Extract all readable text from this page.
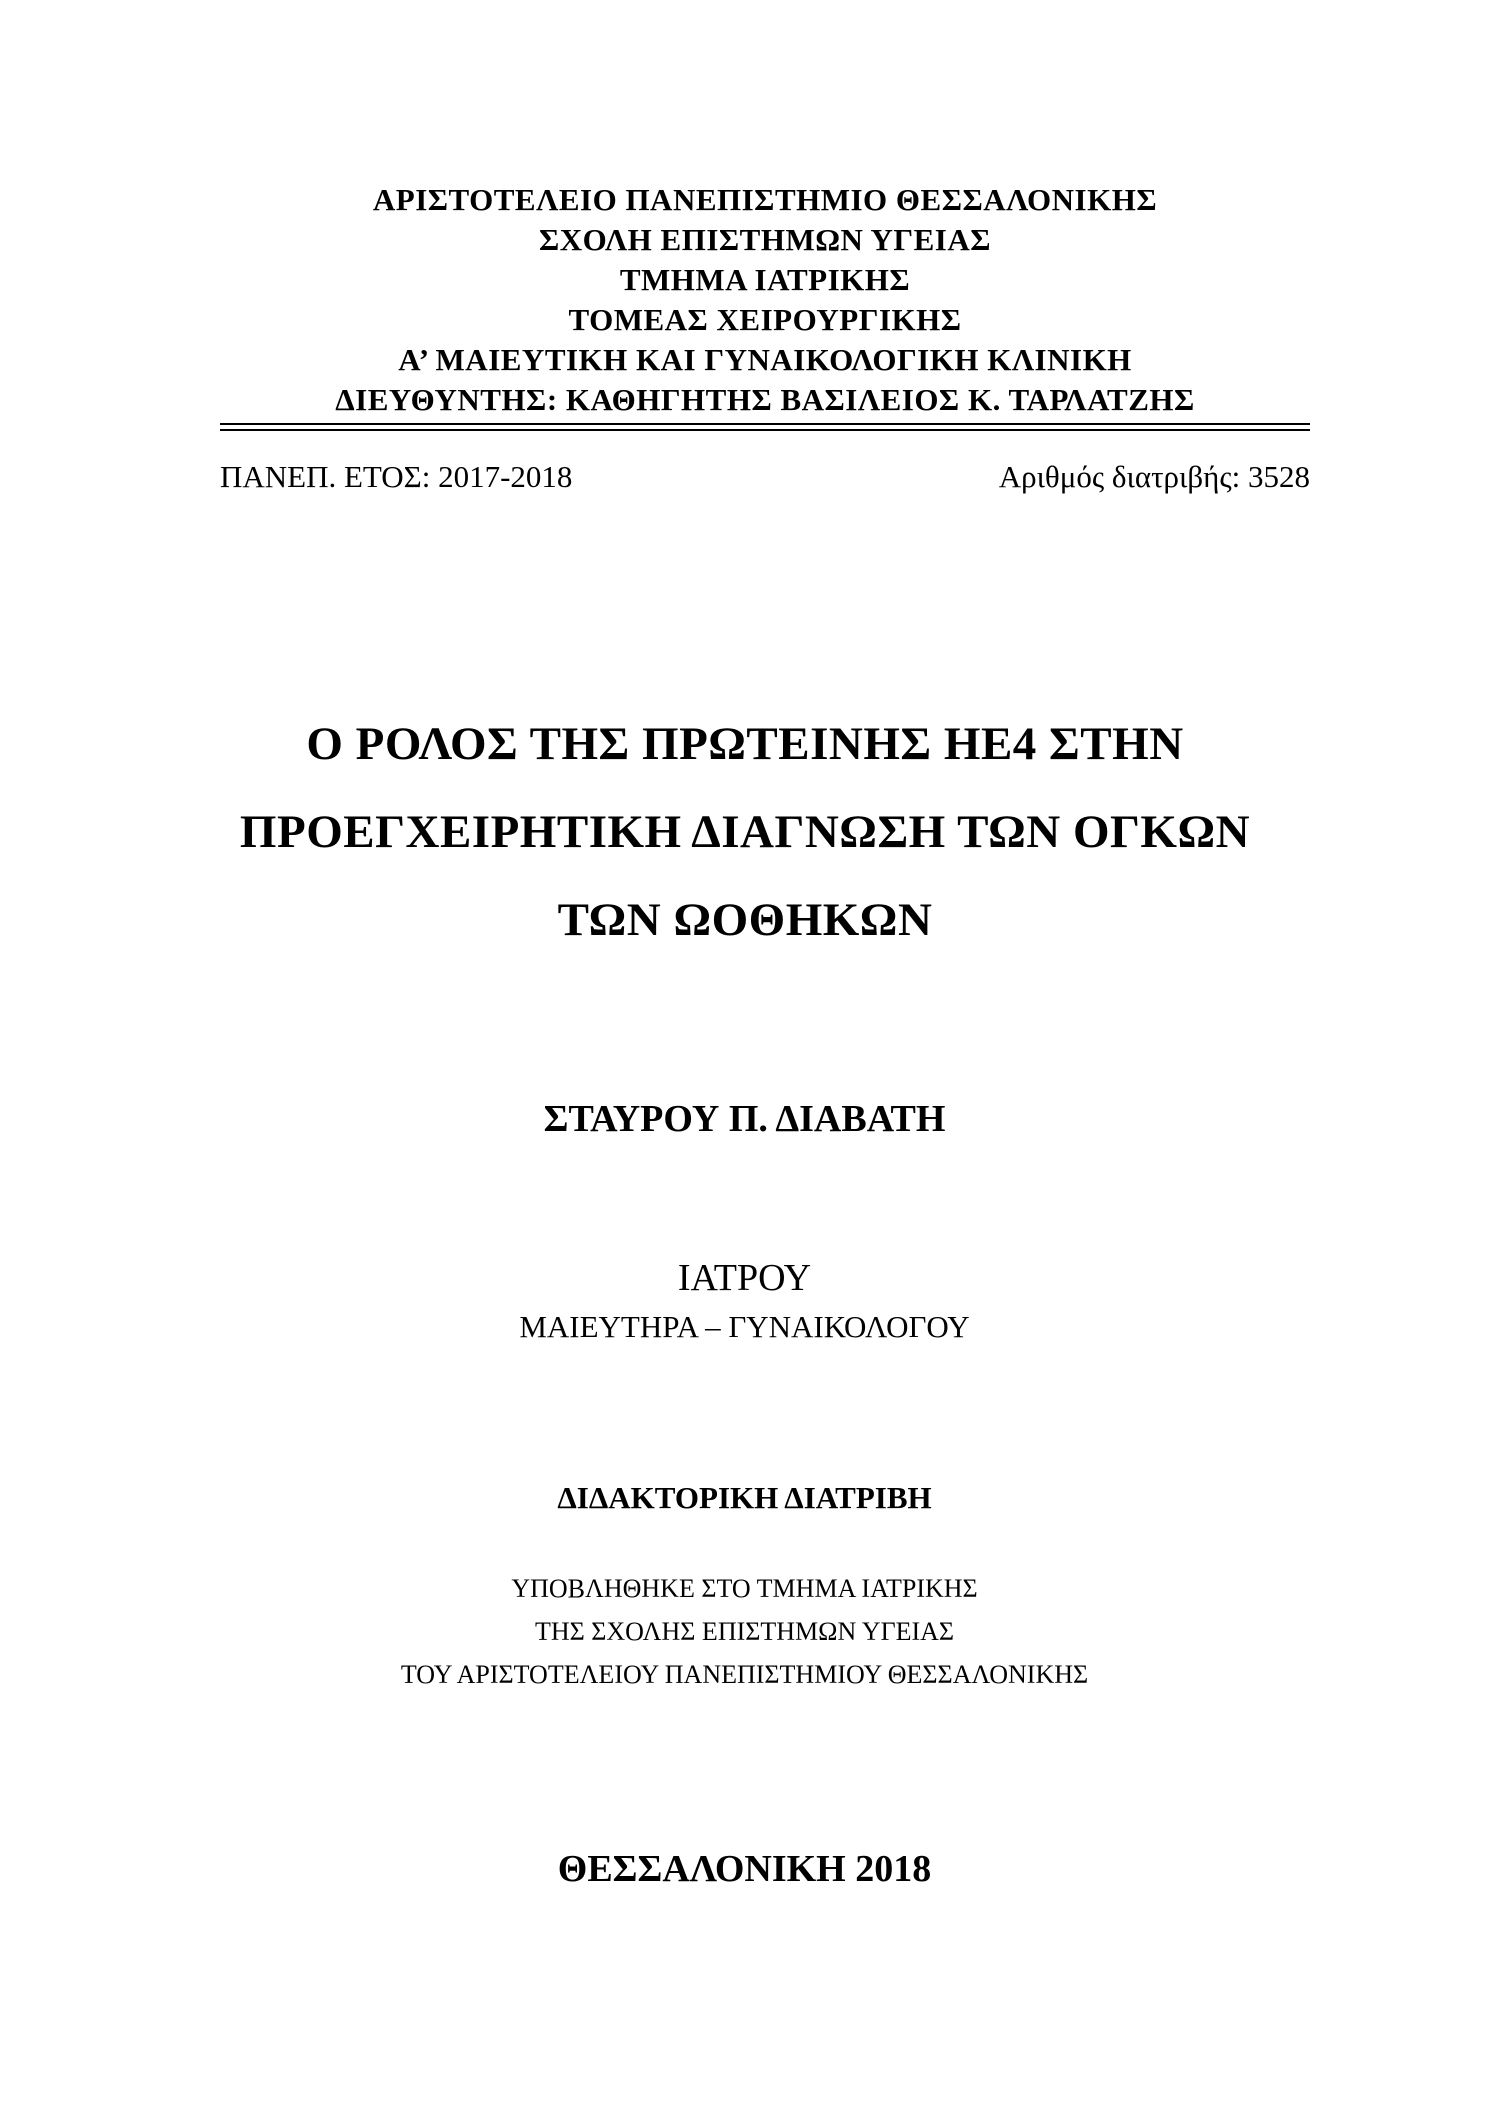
ΑΡΙΣΤΟΤΕΛΕΙΟ ΠΑΝΕΠΙΣΤΗΜΙΟ ΘΕΣΣΑΛΟΝΙΚΗΣ
ΣΧΟΛΗ ΕΠΙΣΤΗΜΩΝ ΥΓΕΙΑΣ
ΤΜΗΜΑ ΙΑΤΡΙΚΗΣ
ΤΟΜΕΑΣ ΧΕΙΡΟΥΡΓΙΚΗΣ
Α’ ΜΑΙΕΥΤΙΚΗ ΚΑΙ ΓΥΝΑΙΚΟΛΟΓΙΚΗ ΚΛΙΝΙΚΗ
ΔΙΕΥΘΥΝΤΗΣ: ΚΑΘΗΓΗΤΗΣ ΒΑΣΙΛΕΙΟΣ Κ. ΤΑΡΛΑΤΖΗΣ
ΠΑΝΕΠ. ΕΤΟΣ: 2017-2018	Αριθμός διατριβής: 3528
Ο ΡΟΛΟΣ ΤΗΣ ΠΡΩΤΕΙΝΗΣ ΗΕ4 ΣΤΗΝ
ΠΡΟΕΓΧΕΙΡΗΤΙΚΗ ΔΙΑΓΝΩΣΗ ΤΩΝ ΟΓΚΩΝ
ΤΩΝ ΩΟΘΗΚΩΝ
ΣΤΑΥΡΟΥ Π. ΔΙΑΒΑΤΗ
ΙΑΤΡΟΥ
ΜΑΙΕΥΤΗΡΑ – ΓΥΝΑΙΚΟΛΟΓΟΥ
ΔΙΔΑΚΤΟΡΙΚΗ ΔΙΑΤΡΙΒΗ
ΥΠΟΒΛΗΘΗΚΕ ΣΤΟ ΤΜΗΜΑ ΙΑΤΡΙΚΗΣ
ΤΗΣ ΣΧΟΛΗΣ ΕΠΙΣΤΗΜΩΝ ΥΓΕΙΑΣ
ΤΟΥ ΑΡΙΣΤΟΤΕΛΕΙΟΥ ΠΑΝΕΠΙΣΤΗΜΙΟΥ ΘΕΣΣΑΛΟΝΙΚΗΣ
ΘΕΣΣΑΛΟΝΙΚΗ 2018
